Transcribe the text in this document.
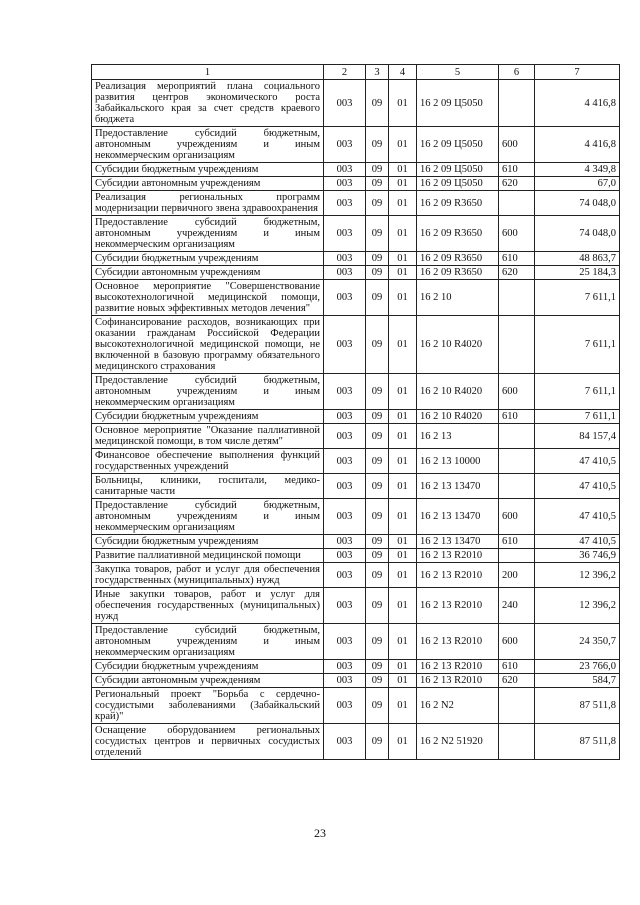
1	2	3	4	5	6	7
Реализация мероприятий плана социального развития центров экономического роста Забайкальского края за счет средств краевого бюджета	003	09	01	16 2 09 Ц5050		4 416,8
Предоставление субсидий бюджетным, автономным учреждениям и иным некоммерческим организациям	003	09	01	16 2 09 Ц5050	600	4 416,8
Субсидии бюджетным учреждениям	003	09	01	16 2 09 Ц5050	610	4 349,8
Субсидии автономным учреждениям	003	09	01	16 2 09 Ц5050	620	67,0
Реализация региональных программ модернизации первичного звена здравоохранения	003	09	01	16 2 09 R3650		74 048,0
Предоставление субсидий бюджетным, автономным учреждениям и иным некоммерческим организациям	003	09	01	16 2 09 R3650	600	74 048,0
Субсидии бюджетным учреждениям	003	09	01	16 2 09 R3650	610	48 863,7
Субсидии автономным учреждениям	003	09	01	16 2 09 R3650	620	25 184,3
Основное мероприятие "Совершенствование высокотехнологичной медицинской помощи, развитие новых эффективных методов лечения"	003	09	01	16 2 10		7 611,1
Софинансирование расходов, возникающих при оказании гражданам Российской Федерации высокотехнологичной медицинской помощи, не включенной в базовую программу обязательного медицинского страхования	003	09	01	16 2 10 R4020		7 611,1
Предоставление субсидий бюджетным, автономным учреждениям и иным некоммерческим организациям	003	09	01	16 2 10 R4020	600	7 611,1
Субсидии бюджетным учреждениям	003	09	01	16 2 10 R4020	610	7 611,1
Основное мероприятие "Оказание паллиативной медицинской помощи, в том числе детям"	003	09	01	16 2 13		84 157,4
Финансовое обеспечение выполнения функций государственных учреждений	003	09	01	16 2 13 10000		47 410,5
Больницы, клиники, госпитали, медико-санитарные части	003	09	01	16 2 13 13470		47 410,5
Предоставление субсидий бюджетным, автономным учреждениям и иным некоммерческим организациям	003	09	01	16 2 13 13470	600	47 410,5
Субсидии бюджетным учреждениям	003	09	01	16 2 13 13470	610	47 410,5
Развитие паллиативной медицинской помощи	003	09	01	16 2 13 R2010		36 746,9
Закупка товаров, работ и услуг для обеспечения государственных (муниципальных) нужд	003	09	01	16 2 13 R2010	200	12 396,2
Иные закупки товаров, работ и услуг для обеспечения государственных (муниципальных) нужд	003	09	01	16 2 13 R2010	240	12 396,2
Предоставление субсидий бюджетным, автономным учреждениям и иным некоммерческим организациям	003	09	01	16 2 13 R2010	600	24 350,7
Субсидии бюджетным учреждениям	003	09	01	16 2 13 R2010	610	23 766,0
Субсидии автономным учреждениям	003	09	01	16 2 13 R2010	620	584,7
Региональный проект "Борьба с сердечно-сосудистыми заболеваниями (Забайкальский край)"	003	09	01	16 2 N2		87 511,8
Оснащение оборудованием региональных сосудистых центров и первичных сосудистых отделений	003	09	01	16 2 N2 51920		87 511,8
23
